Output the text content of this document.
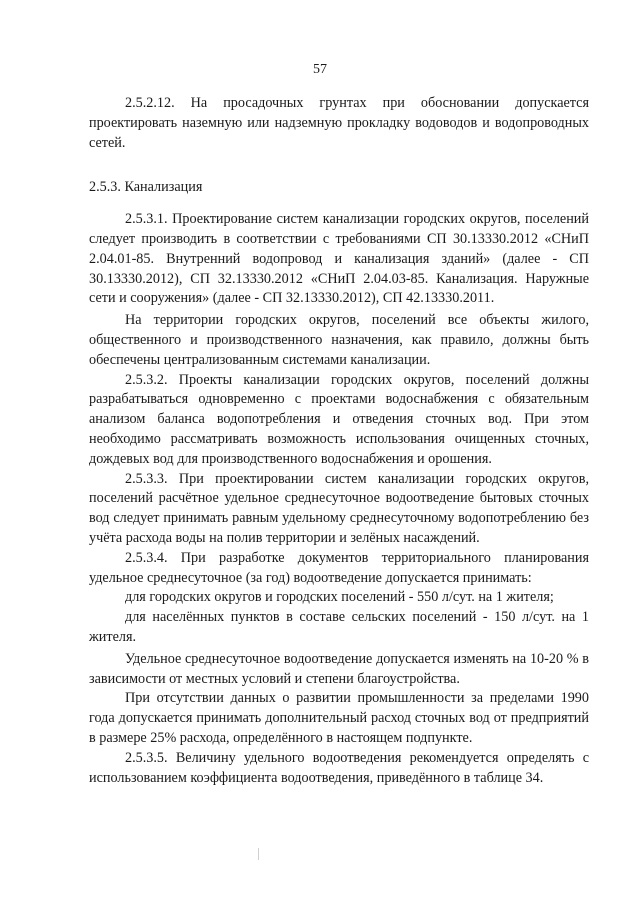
57

2.5.2.12. На просадочных грунтах при обосновании допускается проектировать наземную или надземную прокладку водоводов и водопроводных сетей.

2.5.3. Канализация

2.5.3.1. Проектирование систем канализации городских округов, поселений следует производить в соответствии с требованиями СП 30.13330.2012 «СНиП 2.04.01-85. Внутренний водопровод и канализация зданий» (далее - СП 30.13330.2012), СП 32.13330.2012 «СНиП 2.04.03-85. Канализация. Наружные сети и сооружения» (далее - СП 32.13330.2012), СП 42.13330.2011.

На территории городских округов, поселений все объекты жилого, общественного и производственного назначения, как правило, должны быть обеспечены централизованным системами канализации.

2.5.3.2. Проекты канализации городских округов, поселений должны разрабатываться одновременно с проектами водоснабжения с обязательным анализом баланса водопотребления и отведения сточных вод. При этом необходимо рассматривать возможность использования очищенных сточных, дождевых вод для производственного водоснабжения и орошения.

2.5.3.3. При проектировании систем канализации городских округов, поселений расчётное удельное среднесуточное водоотведение бытовых сточных вод следует принимать равным удельному среднесуточному водопотреблению без учёта расхода воды на полив территории и зелёных насаждений.

2.5.3.4. При разработке документов территориального планирования удельное среднесуточное (за год) водоотведение допускается принимать:

для городских округов и городских поселений - 550 л/сут. на 1 жителя;

для населённых пунктов в составе сельских поселений - 150 л/сут. на 1 жителя.

Удельное среднесуточное водоотведение допускается изменять на 10-20 % в зависимости от местных условий и степени благоустройства.

При отсутствии данных о развитии промышленности за пределами 1990 года допускается принимать дополнительный расход сточных вод от предприятий в размере 25% расхода, определённого в настоящем подпункте.

2.5.3.5. Величину удельного водоотведения рекомендуется определять с использованием коэффициента водоотведения, приведённого в таблице 34.
